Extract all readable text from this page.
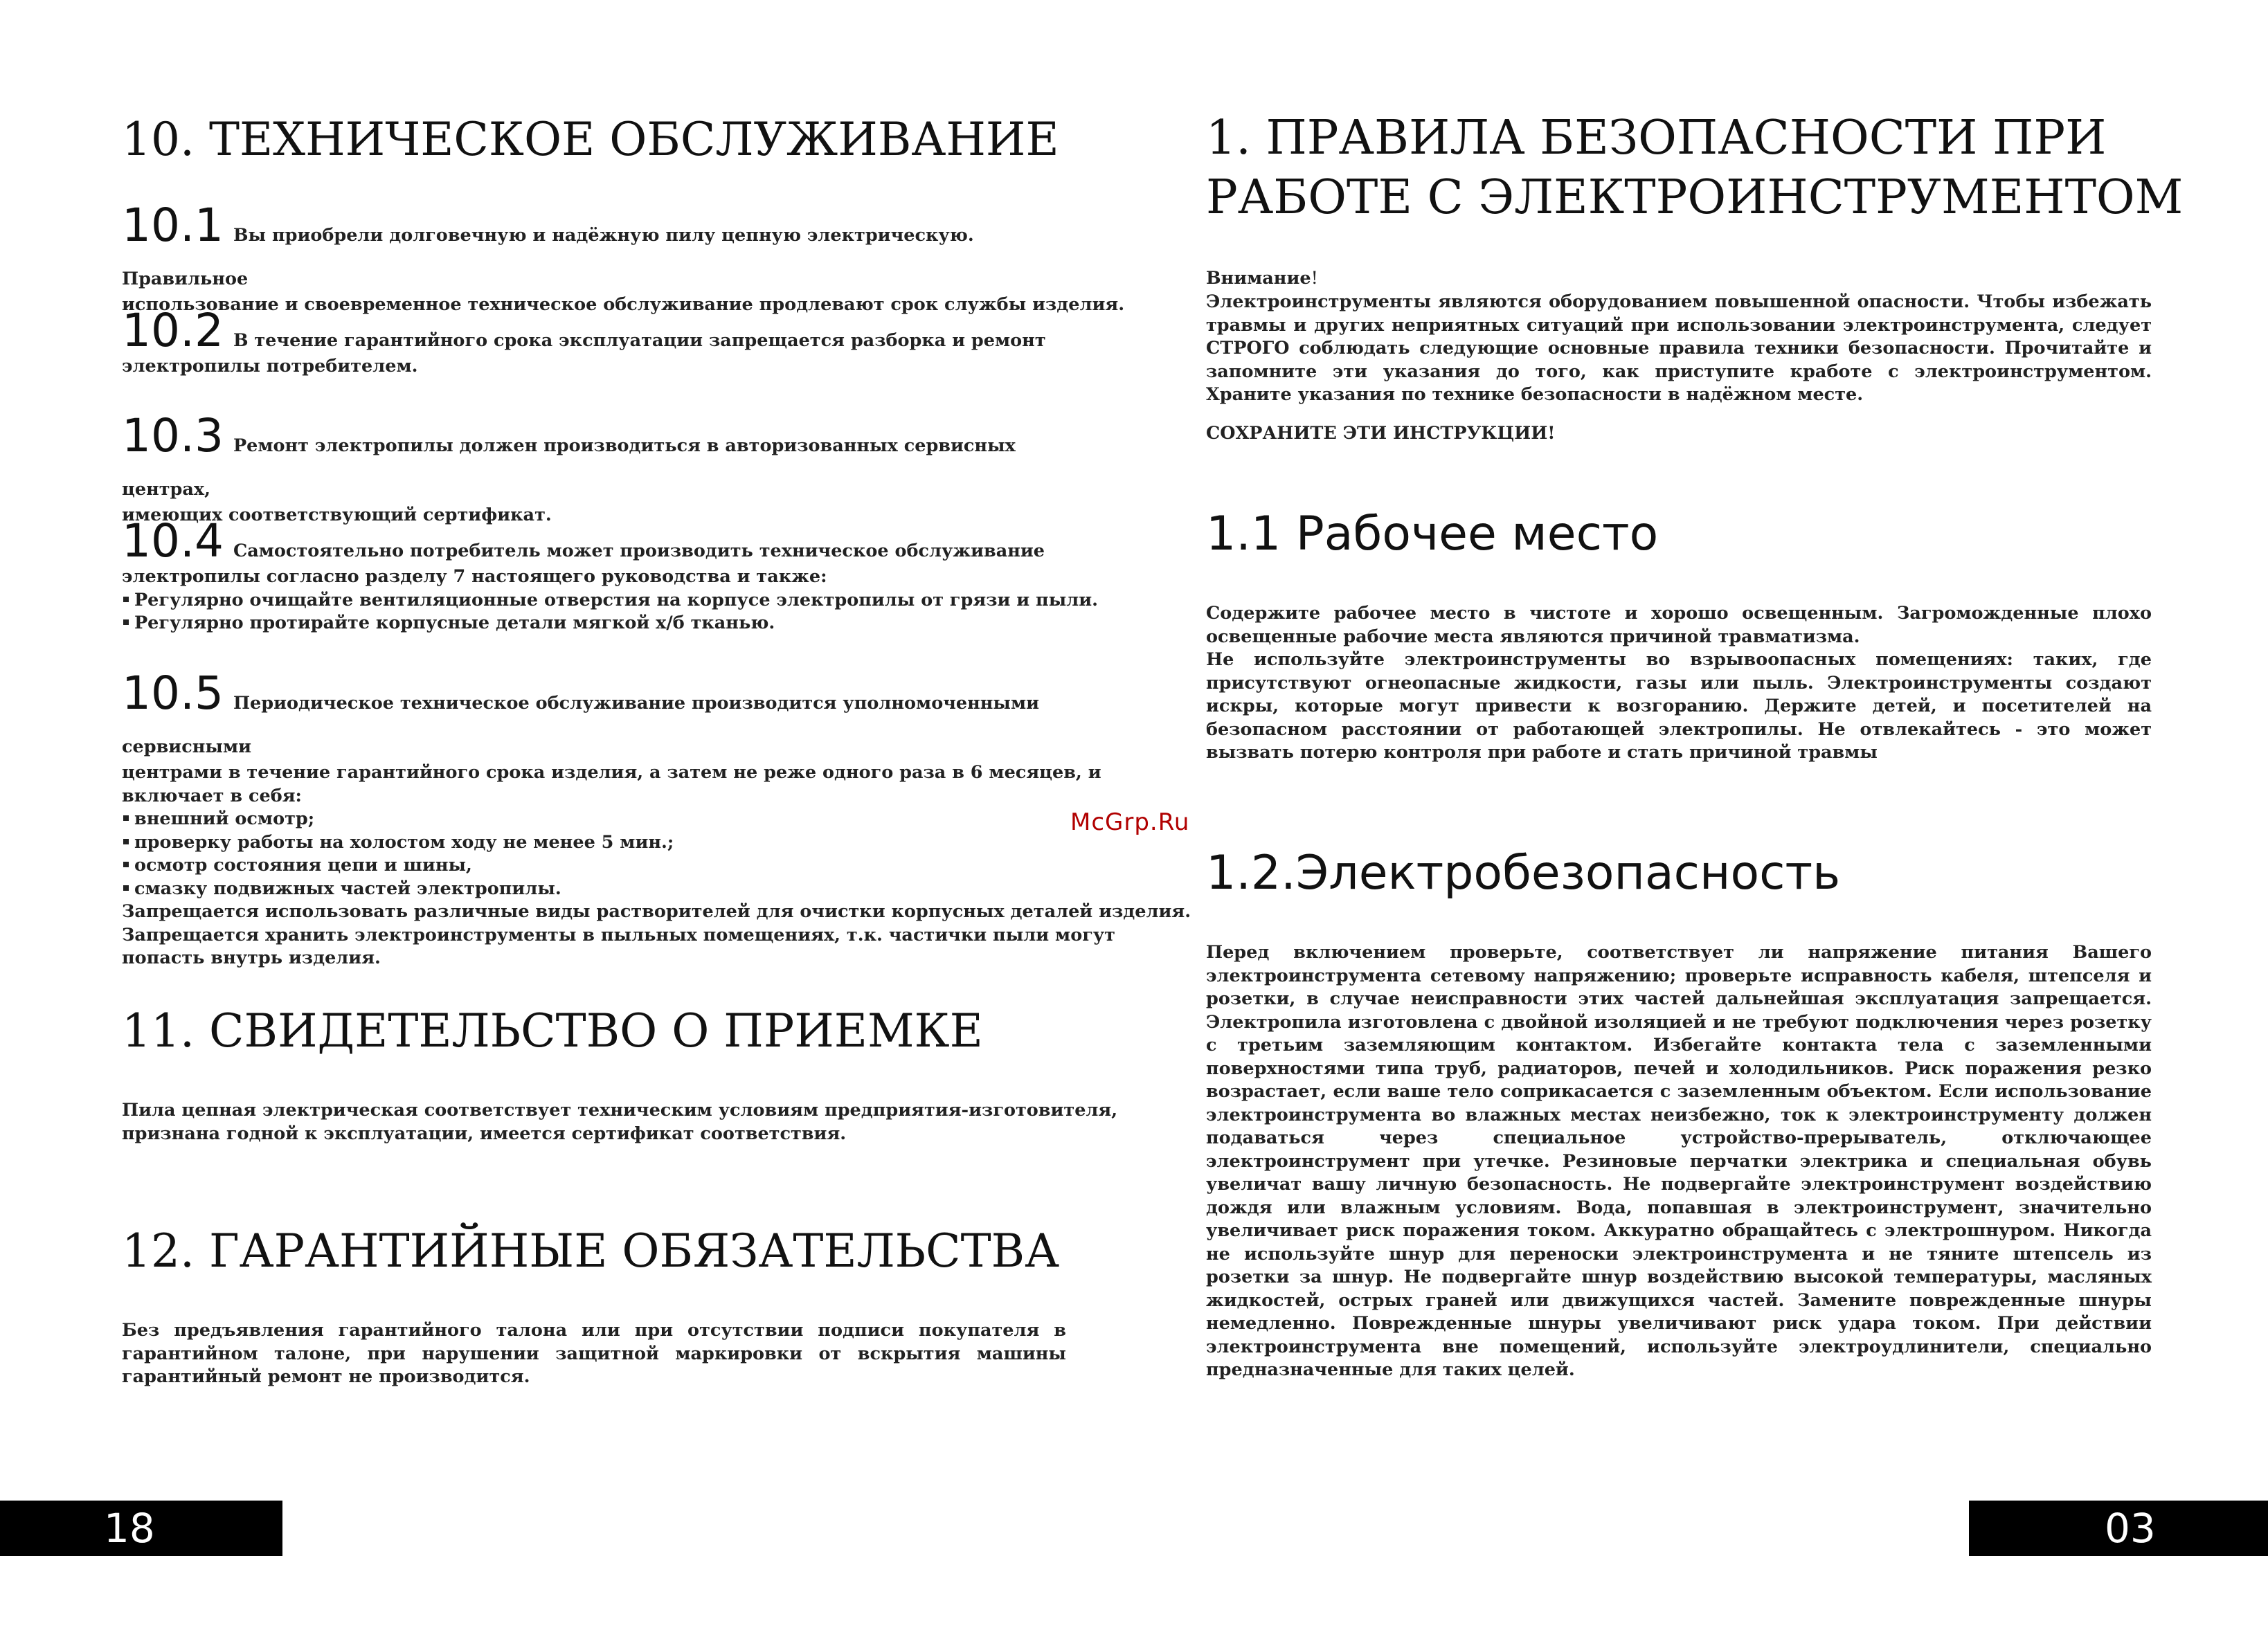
10. ТЕХНИЧЕСКОЕ ОБСЛУЖИВАНИЕ
10.1 Вы приобрели долговечную и надёжную пилу цепную электрическую. Правильное
использование и своевременное техническое обслуживание продлевают срок службы изделия.
10.2 В течение гарантийного срока эксплуатации запрещается разборка и ремонт
электропилы потребителем.
10.3 Ремонт электропилы должен производиться в авторизованных сервисных центрах,
имеющих соответствующий сертификат.
10.4 Самостоятельно потребитель может производить техническое обслуживание
электропилы согласно разделу 7 настоящего руководства и также:
Регулярно очищайте вентиляционные отверстия на корпусе электропилы от грязи и пыли.
Регулярно протирайте корпусные детали мягкой х/б тканью.
10.5 Периодическое техническое обслуживание производится уполномоченными сервисными
центрами в течение гарантийного срока изделия, а затем не реже одного раза в 6 месяцев, и
включает в себя:
внешний осмотр;
проверку работы на холостом ходу не менее 5 мин.;
осмотр состояния цепи и шины,
смазку подвижных частей электропилы.
Запрещается использовать различные виды растворителей для очистки корпусных деталей изделия.
Запрещается хранить электроинструменты в пыльных помещениях, т.к. частички пыли могут
попасть внутрь изделия.
11. СВИДЕТЕЛЬСТВО О ПРИЕМКЕ
Пила цепная электрическая соответствует техническим условиям предприятия-изготовителя,
признана годной к эксплуатации, имеется сертификат соответствия.
12. ГАРАНТИЙНЫЕ ОБЯЗАТЕЛЬСТВА
Без предъявления гарантийного талона или при отсутствии подписи покупателя в гарантийном талоне, при нарушении защитной маркировки от вскрытия машины гарантийный ремонт не производится.
18
McGrp.Ru
1. ПРАВИЛА БЕЗОПАСНОСТИ ПРИ
РАБОТЕ С ЭЛЕКТРОИНСТРУМЕНТОМ
Внимание!
Электроинструменты являются оборудованием повышенной опасности. Чтобы избежать травмы и других неприятных ситуаций при использовании электроинструмента, следует СТРОГО соблюдать следующие основные правила техники безопасности. Прочитайте и запомните эти указания до того, как приступите кработе с электроинструментом. Храните указания по технике безопасности в надёжном месте.
СОХРАНИТЕ ЭТИ ИНСТРУКЦИИ!
1.1 Рабочее место

Содержите рабочее место в чистоте и хорошо освещенным. Загроможденные плохо освещенные рабочие места являются причиной травматизма.

Не используйте электроинструменты во взрывоопасных помещениях: таких, где присутствуют огнеопасные жидкости, газы или пыль. Электроинструменты создают искры, которые могут привести к возгоранию. Держите детей, и посетителей на безопасном расстоянии от работающей электропилы. Не отвлекайтесь - это может вызвать потерю контроля при работе и стать причиной травмы

1.2.Электробезопасность
Перед включением проверьте, соответствует ли напряжение питания Вашего электроинструмента сетевому напряжению; проверьте исправность кабеля, штепселя и розетки, в случае неисправности этих частей дальнейшая эксплуатация запрещается. Электропила изготовлена с двойной изоляцией и не требуют подключения через розетку с третьим заземляющим контактом. Избегайте контакта тела с заземленными поверхностями типа труб, радиаторов, печей и холодильников. Риск поражения резко возрастает, если ваше тело соприкасается с заземленным объектом. Если использование электроинструмента во влажных местах неизбежно, ток к электроинструменту должен подаваться через специальное устройство-прерыватель, отключающее электроинструмент при утечке. Резиновые перчатки электрика и специальная обувь увеличат вашу личную безопасность. Не подвергайте электроинструмент воздействию дождя или влажным условиям. Вода, попавшая в электроинструмент, значительно увеличивает риск поражения током. Аккуратно обращайтесь с электрошнуром. Никогда не используйте шнур для переноски электроинструмента и не тяните штепсель из розетки за шнур. Не подвергайте шнур воздействию высокой температуры, масляных жидкостей, острых граней или движущихся частей. Замените поврежденные шнуры немедленно. Поврежденные шнуры увеличивают риск удара током. При действии электроинструмента вне помещений, используйте электроудлинители, специально предназначенные для таких целей.
03
